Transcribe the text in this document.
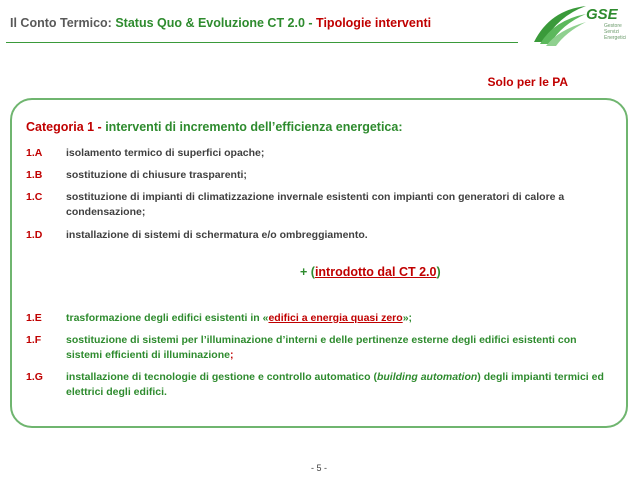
Il Conto Termico: Status Quo & Evoluzione CT 2.0 - Tipologie interventi	GSE
Gestore
Servizi
Energetici
Solo per le PA
Categoria 1 - interventi di incremento dell’efficienza energetica:
1.A	isolamento termico di superfici opache;
1.B	sostituzione di chiusure trasparenti;
1.C	sostituzione di impianti di climatizzazione invernale esistenti con impianti con generatori di calore a condensazione;
1.D	installazione di sistemi di schermatura e/o ombreggiamento.
+ (introdotto dal CT 2.0)
1.E	trasformazione degli edifici esistenti in «edifici a energia quasi zero»;
1.F	sostituzione di sistemi per l’illuminazione d’interni e delle pertinenze esterne degli edifici esistenti con sistemi efficienti di illuminazione;
1.G	installazione di tecnologie di gestione e controllo automatico (building automation) degli impianti termici ed elettrici degli edifici.
- 5 -
